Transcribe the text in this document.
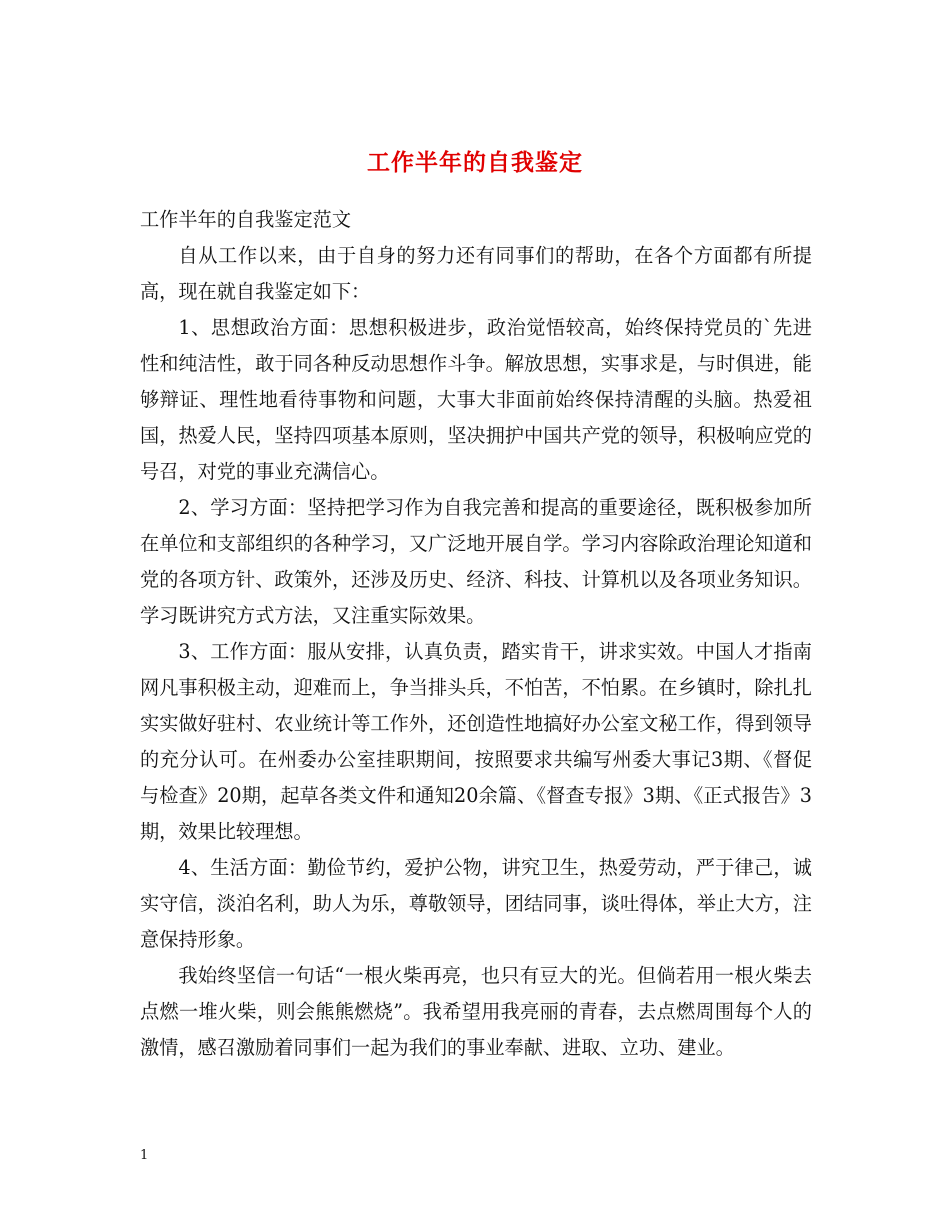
工作半年的自我鉴定

工作半年的自我鉴定范文

自从工作以来，由于自身的努力还有同事们的帮助，在各个方面都有所提高，现在就自我鉴定如下：

1、思想政治方面：思想积极进步，政治觉悟较高，始终保持党员的`先进性和纯洁性，敢于同各种反动思想作斗争。解放思想，实事求是，与时俱进，能够辩证、理性地看待事物和问题，大事大非面前始终保持清醒的头脑。热爱祖国，热爱人民，坚持四项基本原则，坚决拥护中国共产党的领导，积极响应党的号召，对党的事业充满信心。

2、学习方面：坚持把学习作为自我完善和提高的重要途径，既积极参加所在单位和支部组织的各种学习，又广泛地开展自学。学习内容除政治理论知道和党的各项方针、政策外，还涉及历史、经济、科技、计算机以及各项业务知识。学习既讲究方式方法，又注重实际效果。

3、工作方面：服从安排，认真负责，踏实肯干，讲求实效。中国人才指南网凡事积极主动，迎难而上，争当排头兵，不怕苦，不怕累。在乡镇时，除扎扎实实做好驻村、农业统计等工作外，还创造性地搞好办公室文秘工作，得到领导的充分认可。在州委办公室挂职期间，按照要求共编写州委大事记3期、《督促与检查》20期，起草各类文件和通知20余篇、《督查专报》3期、《正式报告》3期，效果比较理想。

4、生活方面：勤俭节约，爱护公物，讲究卫生，热爱劳动，严于律己，诚实守信，淡泊名利，助人为乐，尊敬领导，团结同事，谈吐得体，举止大方，注意保持形象。

我始终坚信一句话“一根火柴再亮，也只有豆大的光。但倘若用一根火柴去点燃一堆火柴，则会熊熊燃烧”。我希望用我亮丽的青春，去点燃周围每个人的激情，感召激励着同事们一起为我们的事业奉献、进取、立功、建业。

1
